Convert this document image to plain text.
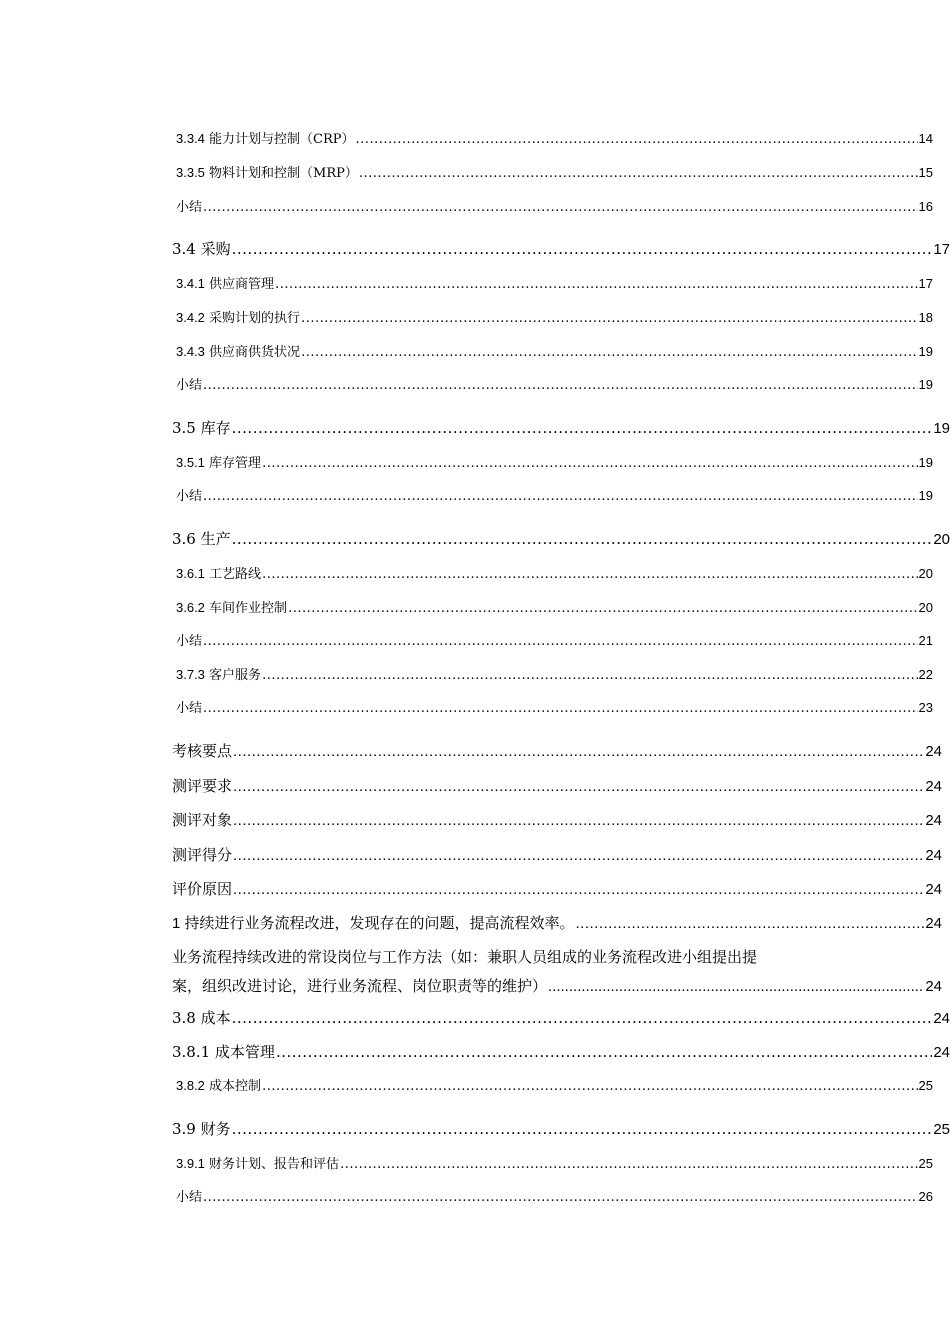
3.3.4 能力计划与控制（CRP） .....	14
3.3.5 物料计划和控制（MRP） .....	15
小结 .....	16
3.4 采购 .....	17
3.4.1 供应商管理 .....	17
3.4.2 采购计划的执行 .....	18
3.4.3 供应商供货状况 .....	19
小结 .....	19
3.5 库存 .....	19
3.5.1 库存管理 .....	19
小结 .....	19
3.6 生产 .....	20
3.6.1 工艺路线 .....	20
3.6.2 车间作业控制 .....	20
小结 .....	21
3.7.3 客户服务 .....	22
小结 .....	23
考核要点 .....	24
测评要求 .....	24
测评对象 .....	24
测评得分 .....	24
评价原因 .....	24
1 持续进行业务流程改进，发现存在的问题，提高流程效率。 .....	24
业务流程持续改进的常设岗位与工作方法（如：兼职人员组成的业务流程改进小组提出提
案，组织改进讨论，进行业务流程、岗位职责等的维护） .....	24
3.8 成本 .....	24
3.8.1 成本管理 .....	24
3.8.2 成本控制 .....	25
3.9 财务 .....	25
3.9.1 财务计划、报告和评估 .....	25
小结 .....	26
